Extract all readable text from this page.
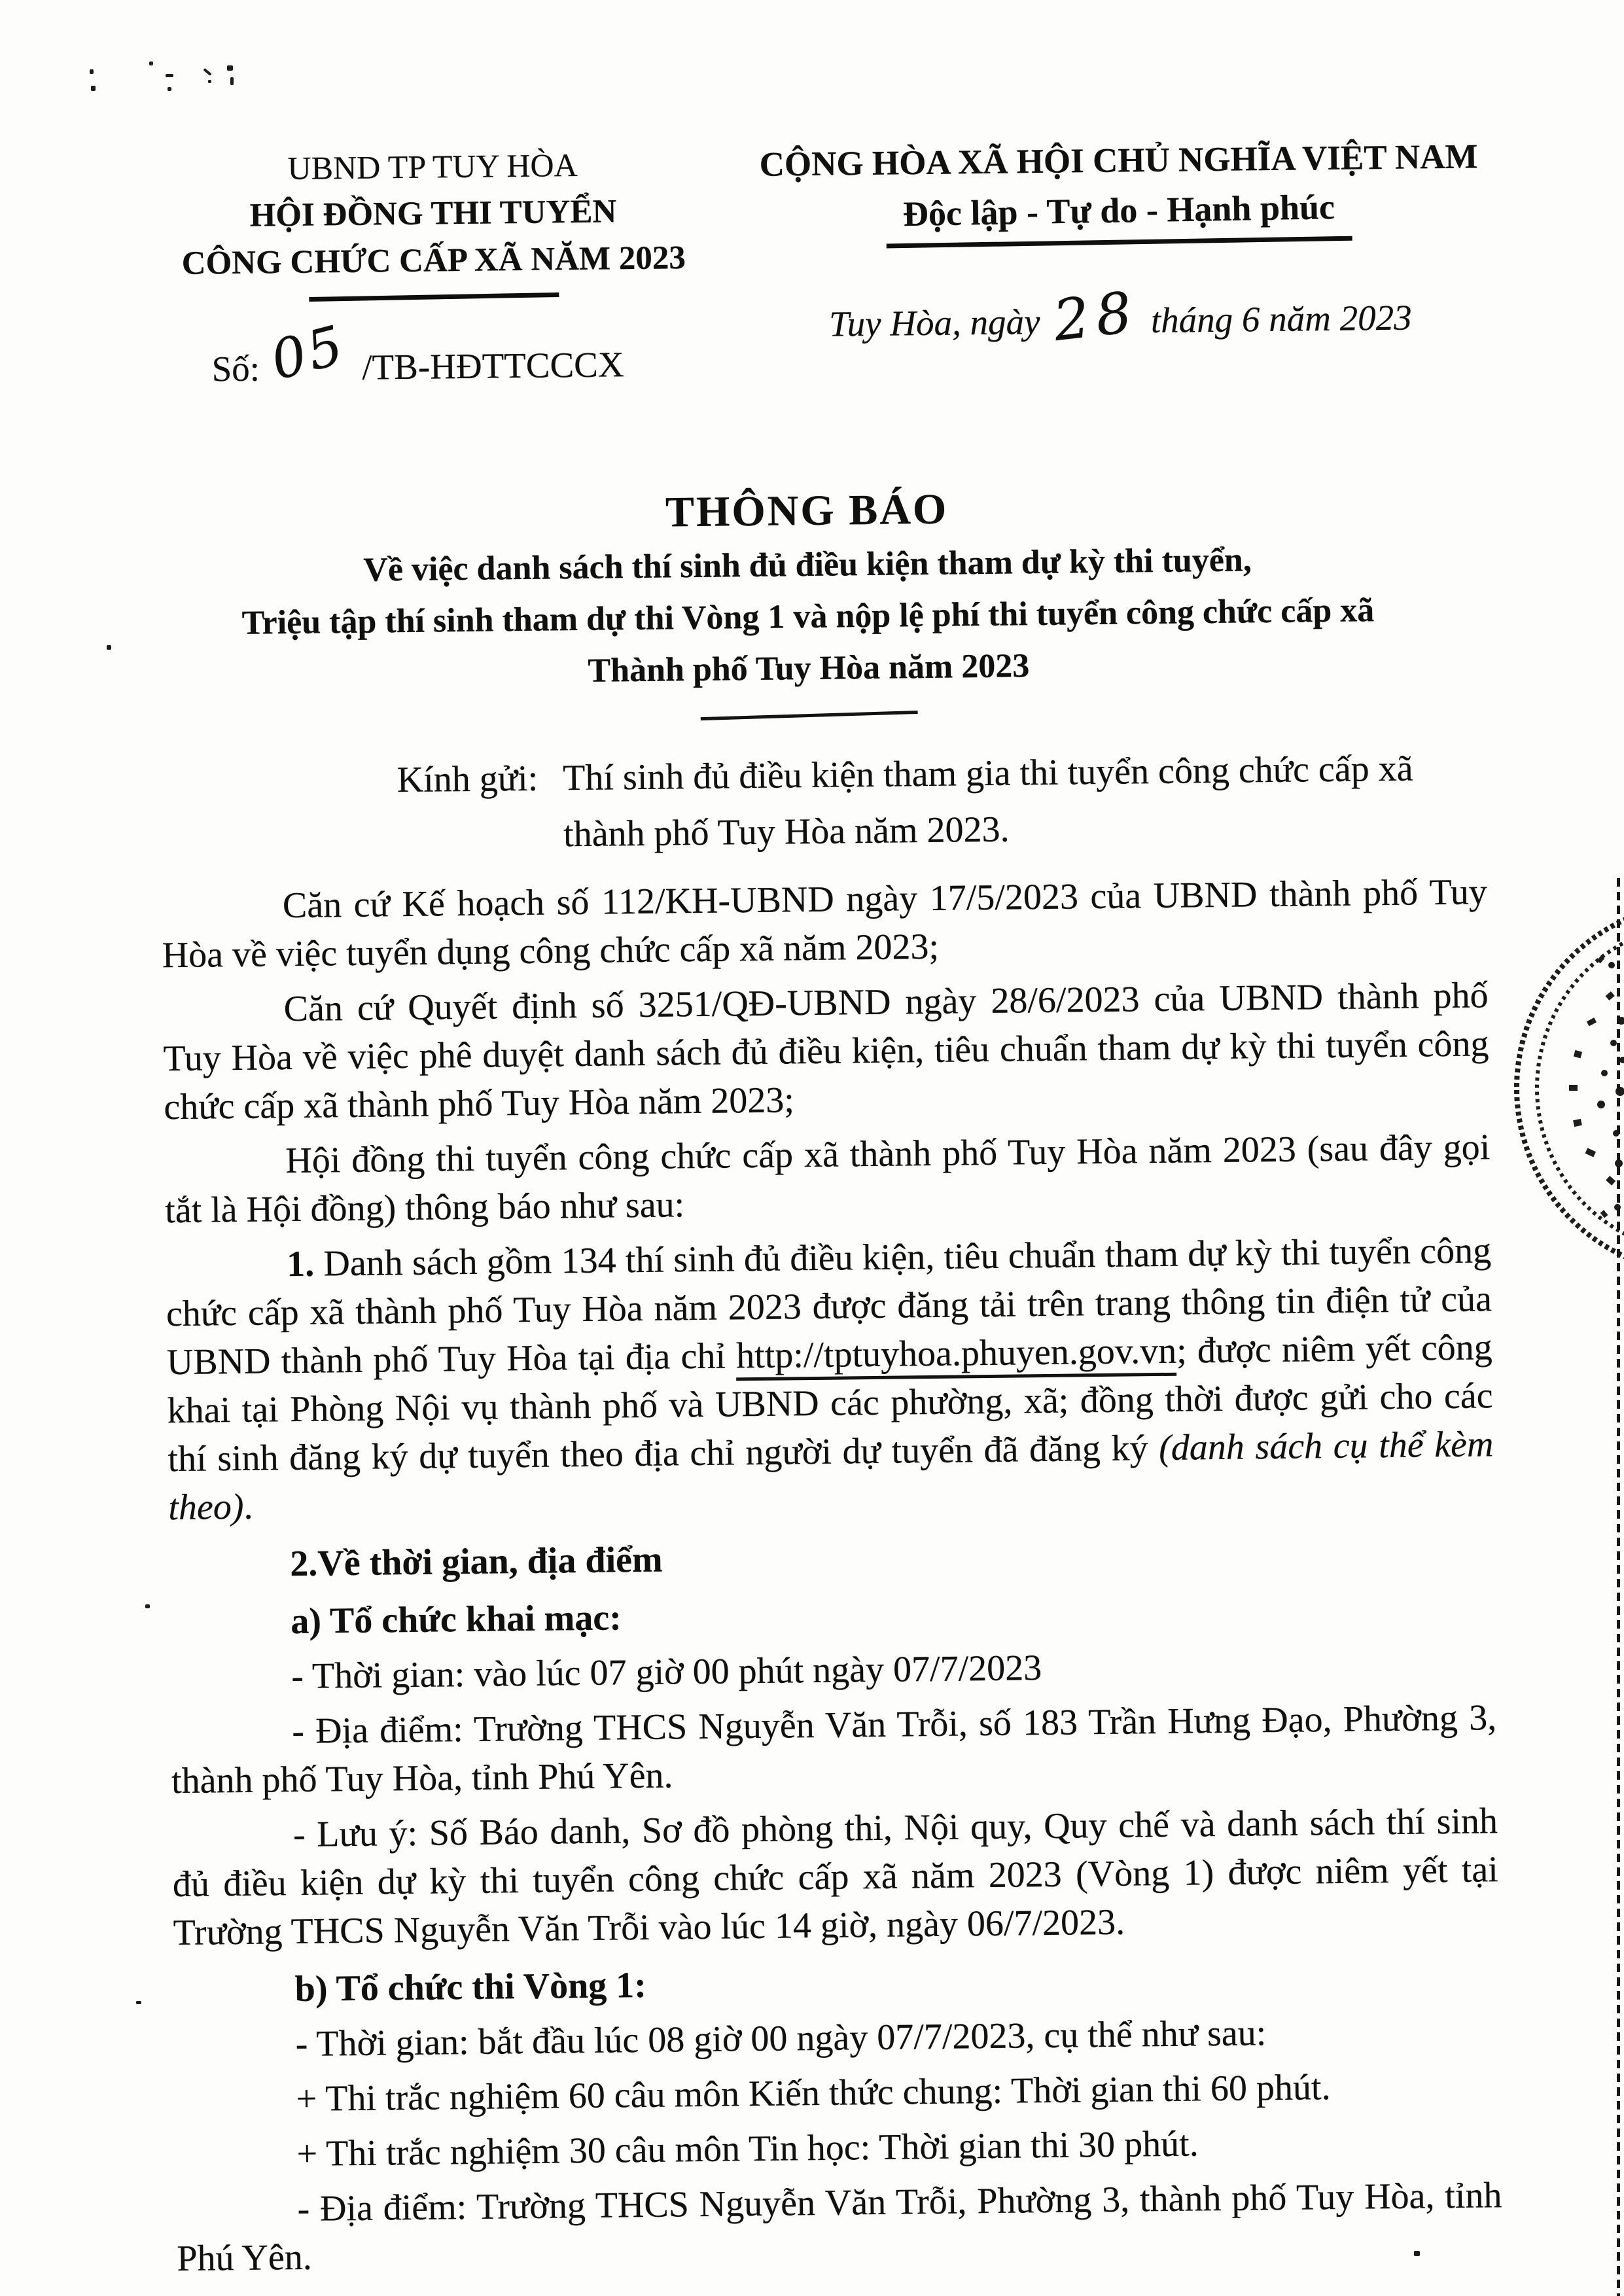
UBND TP TUY HÒA
HỘI ĐỒNG THI TUYỂN
CÔNG CHỨC CẤP XÃ NĂM 2023
Số:05 /TB-HĐTTCCCX
CỘNG HÒA XÃ HỘI CHỦ NGHĨA VIỆT NAM
Độc lập - Tự do - Hạnh phúc
Tuy Hòa, ngày 28 tháng 6 năm 2023
THÔNG BÁO
Về việc danh sách thí sinh đủ điều kiện tham dự kỳ thi tuyển,
Triệu tập thí sinh tham dự thi Vòng 1 và nộp lệ phí thi tuyển công chức cấp xã
Thành phố Tuy Hòa năm 2023
Kính gửi: Thí sinh đủ điều kiện tham gia thi tuyển công chức cấp xã
thành phố Tuy Hòa năm 2023.

Căn cứ Kế hoạch số 112/KH-UBND ngày 17/5/2023 của UBND thành phố Tuy Hòa về việc tuyển dụng công chức cấp xã năm 2023;

Căn cứ Quyết định số 3251/QĐ-UBND ngày 28/6/2023 của UBND thành phố Tuy Hòa về việc phê duyệt danh sách đủ điều kiện, tiêu chuẩn tham dự kỳ thi tuyển công chức cấp xã thành phố Tuy Hòa năm 2023;

Hội đồng thi tuyển công chức cấp xã thành phố Tuy Hòa năm 2023 (sau đây gọi tắt là Hội đồng) thông báo như sau:

1. Danh sách gồm 134 thí sinh đủ điều kiện, tiêu chuẩn tham dự kỳ thi tuyển công chức cấp xã thành phố Tuy Hòa năm 2023 được đăng tải trên trang thông tin điện tử của UBND thành phố Tuy Hòa tại địa chỉ http://tptuyhoa.phuyen.gov.vn; được niêm yết công khai tại Phòng Nội vụ thành phố và UBND các phường, xã; đồng thời được gửi cho các thí sinh đăng ký dự tuyển theo địa chỉ người dự tuyển đã đăng ký (danh sách cụ thể kèm theo).

2.Về thời gian, địa điểm

a) Tổ chức khai mạc:

- Thời gian: vào lúc 07 giờ 00 phút ngày 07/7/2023

- Địa điểm: Trường THCS Nguyễn Văn Trỗi, số 183 Trần Hưng Đạo, Phường 3, thành phố Tuy Hòa, tỉnh Phú Yên.

- Lưu ý: Số Báo danh, Sơ đồ phòng thi, Nội quy, Quy chế và danh sách thí sinh đủ điều kiện dự kỳ thi tuyển công chức cấp xã năm 2023 (Vòng 1) được niêm yết tại Trường THCS Nguyễn Văn Trỗi vào lúc 14 giờ, ngày 06/7/2023.

b) Tổ chức thi Vòng 1:

- Thời gian: bắt đầu lúc 08 giờ 00 ngày 07/7/2023, cụ thể như sau:

+ Thi trắc nghiệm 60 câu môn Kiến thức chung: Thời gian thi 60 phút.

+ Thi trắc nghiệm 30 câu môn Tin học: Thời gian thi 30 phút.

- Địa điểm: Trường THCS Nguyễn Văn Trỗi, Phường 3, thành phố Tuy Hòa, tỉnh Phú Yên.
